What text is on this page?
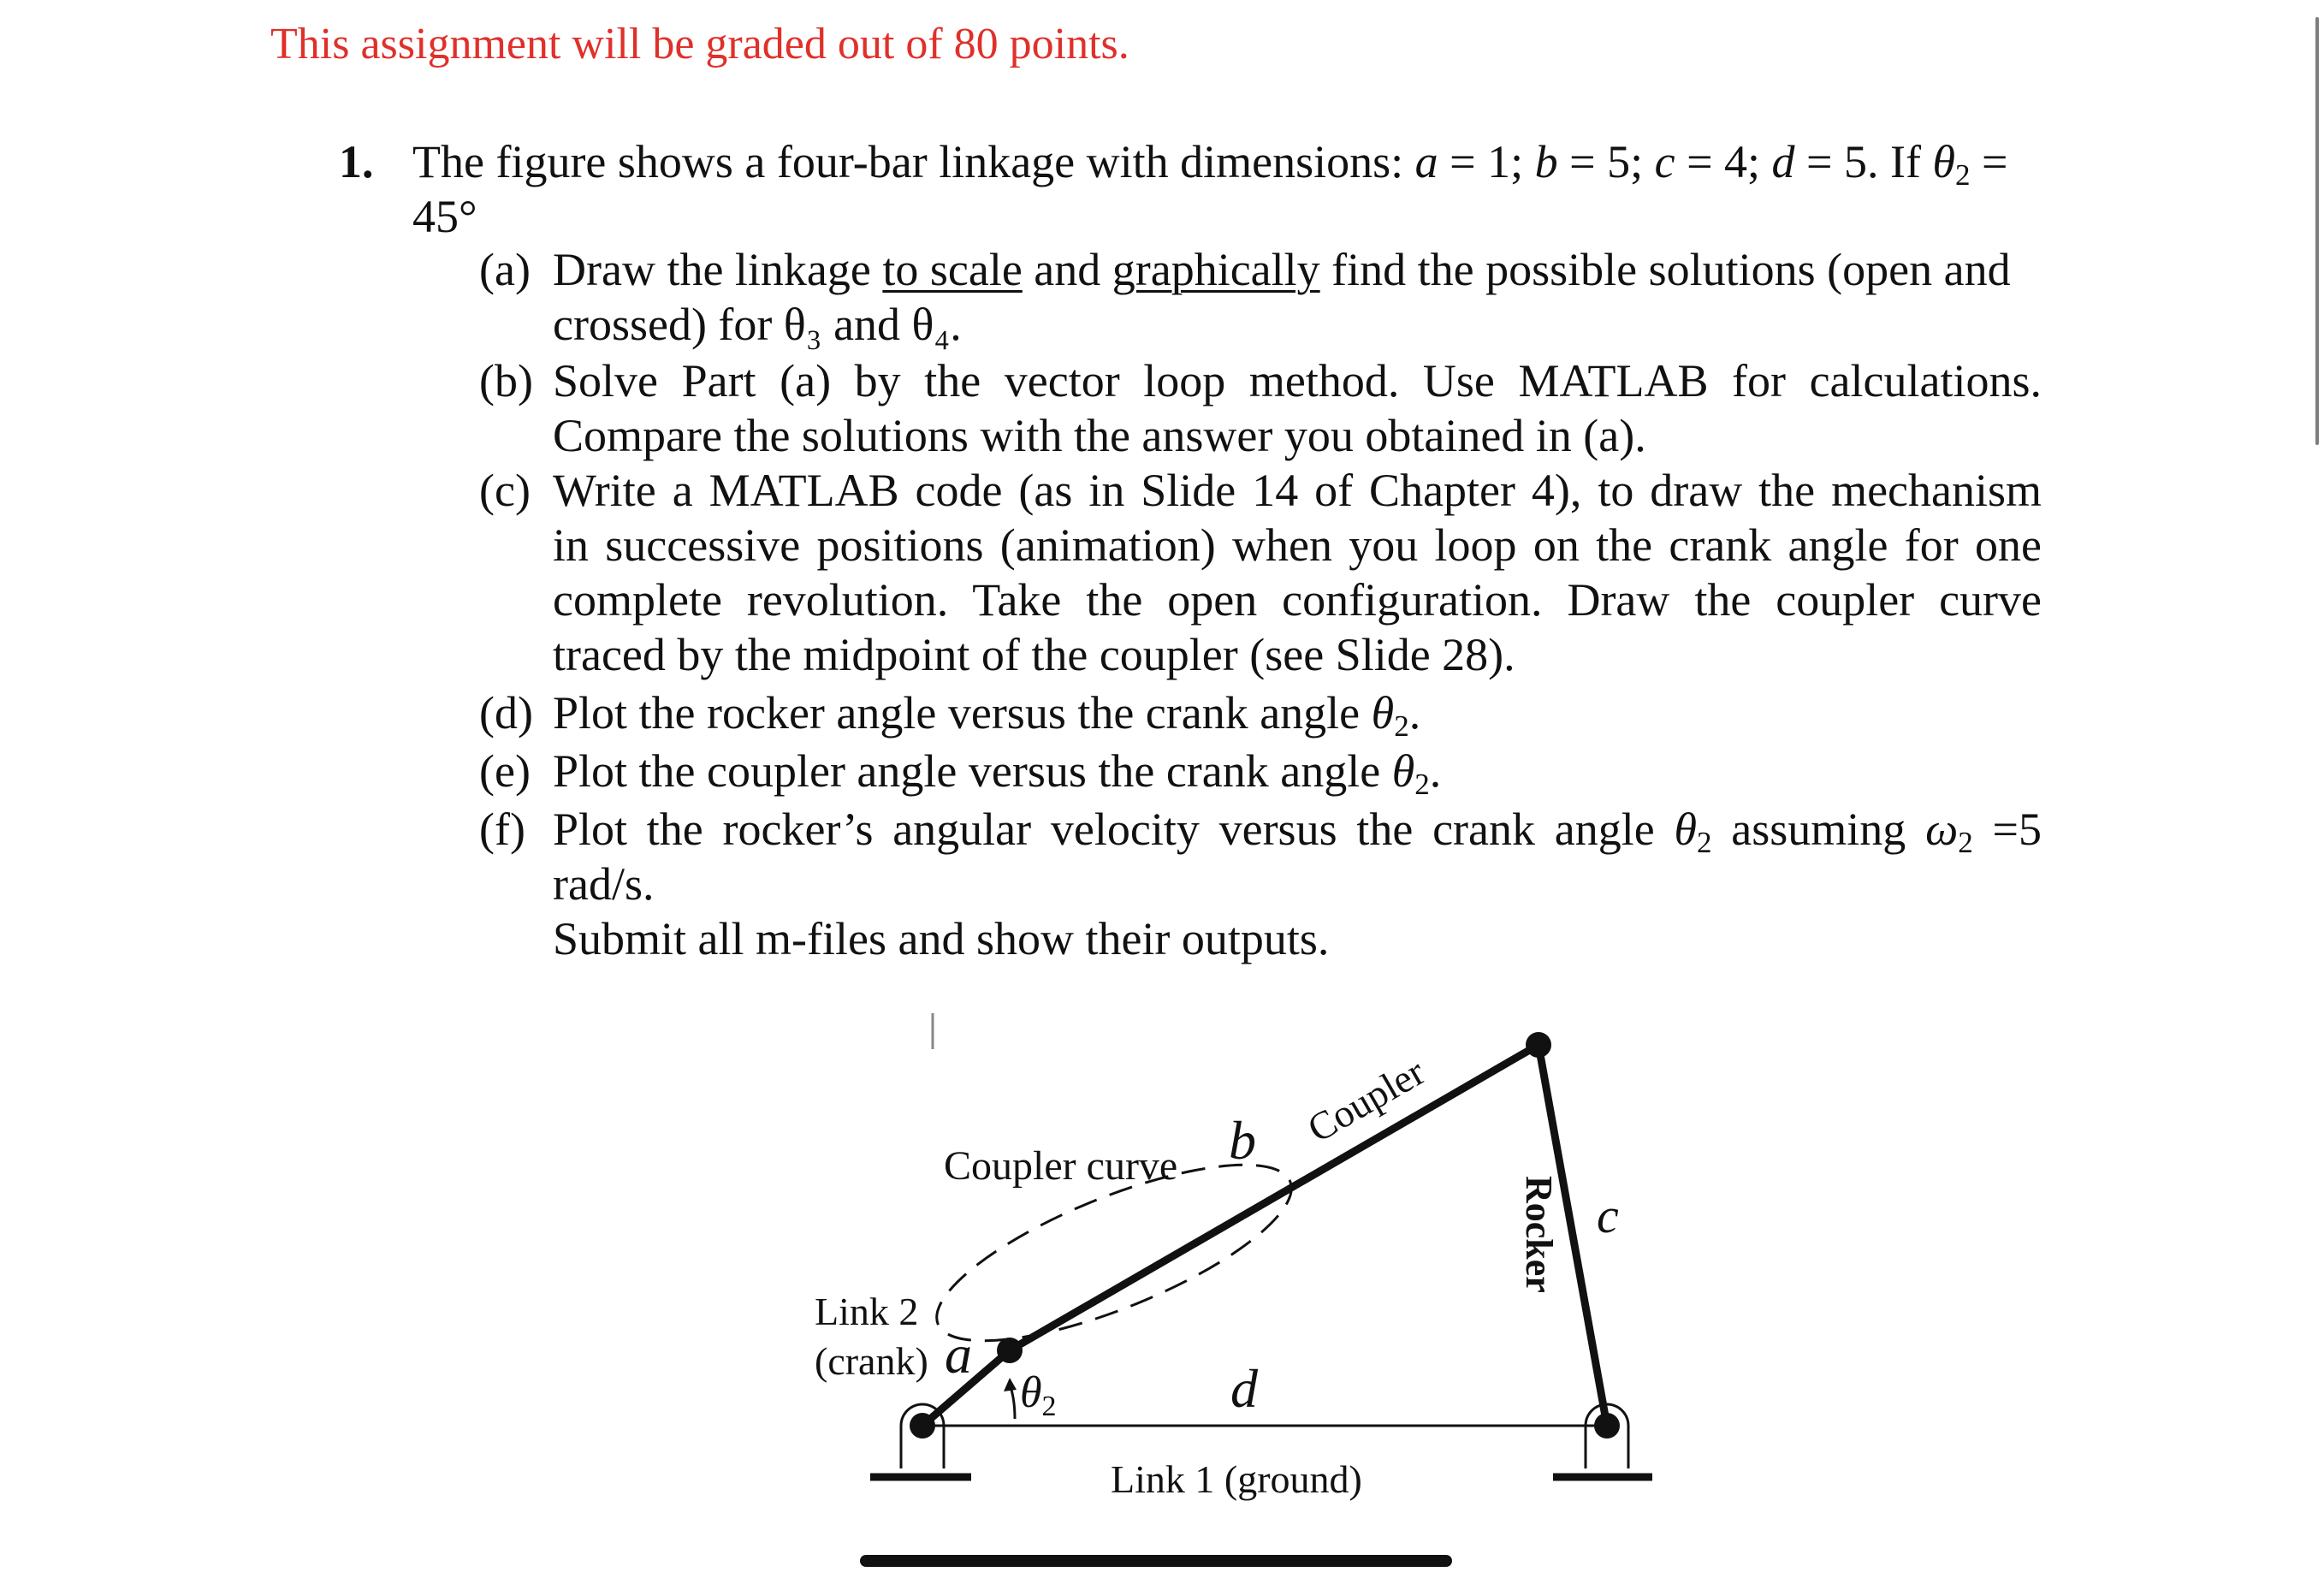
This assignment will be graded out of 80 points.
1. The figure shows a four-bar linkage with dimensions: a = 1; b = 5; c = 4; d = 5. If $\theta_2$ =
45°
(a) Draw the linkage to scale and graphically find the possible solutions (open and
crossed) for θ₃ and θ₄.
(b) Solve Part (a) by the vector loop method. Use MATLAB for calculations.
Compare the solutions with the answer you obtained in (a).
(c) Write a MATLAB code (as in Slide 14 of Chapter 4), to draw the mechanism
in successive positions (animation) when you loop on the crank angle for one
complete revolution. Take the open configuration. Draw the coupler curve
traced by the midpoint of the coupler (see Slide 28).
(d) Plot the rocker angle versus the crank angle $\theta_2$.
(e) Plot the coupler angle versus the crank angle $\theta_2$.
(f) Plot the rocker’s angular velocity versus the crank angle $\theta_2$ assuming $\omega_2 =5$
rad/s.
Submit all m-files and show their outputs.
Coupler curve b Coupler
c
Rocker
Link 2
(crank) a
θ2	d
Link 1 (ground)
